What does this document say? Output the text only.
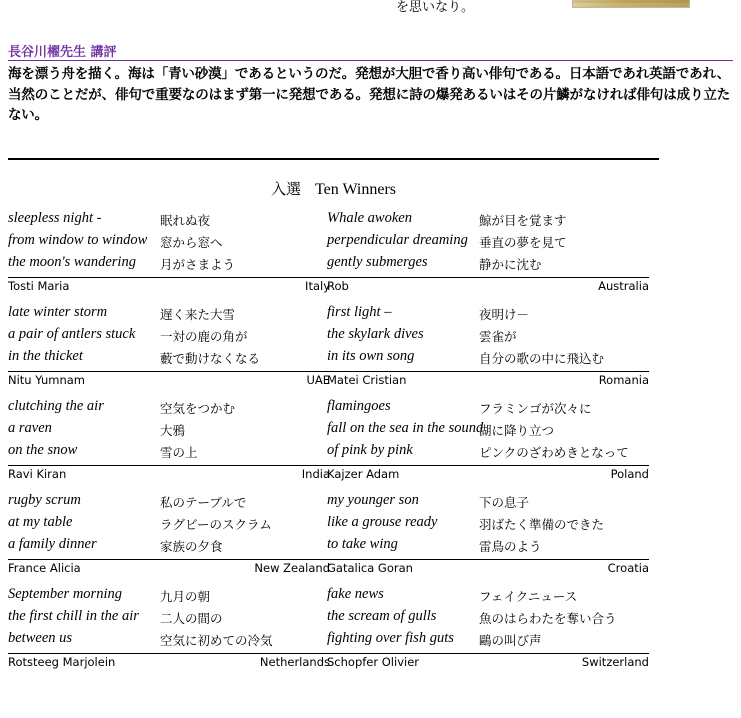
を思いなり。
長谷川櫂先生 講評
海を漂う舟を描く。海は「青い砂漠」であるというのだ。発想が大胆で香り高い俳句である。日本語であれ英語であれ、当然のことだが、俳句で重要なのはまず第一に発想である。発想に詩の爆発あるいはその片鱗がなければ俳句は成り立たない。
入選 Ten Winners
sleepless night -	眠れぬ夜
from window to window 窓から窓へ
the moon's wandering 月がさまよう
Tosti Maria	Italy
late winter storm	遅く来た大雪
a pair of antlers stuck 一対の鹿の角が
in the thicket	藪で動けなくなる
Nitu Yumnam	UAE
clutching the air	空気をつかむ
a raven	大鴉
on the snow	雪の上
Ravi Kiran	India
rugby scrum	私のテーブルで
at my table	ラグビーのスクラム
a family dinner	家族の夕食
France Alicia	New Zealand
September morning	九月の朝
the first chill in the air 二人の間の
between us	空気に初めての冷気
Rotsteeg Marjolein	Netherlands
Whale awoken	鯨が目を覚ます
perpendicular dreaming 垂直の夢を見て
gently submerges	静かに沈む
Rob	Australia
first light –	夜明け－
the skylark dives	雲雀が
in its own song	自分の歌の中に飛込む
Matei Cristian	Romania
flamingoes	フラミンゴが次々に
fall on the sea in the sound湖に降り立つ
of pink by pink	ピンクのざわめきとなって
Kajzer Adam	Poland
my younger son	下の息子
like a grouse ready	羽ばたく準備のできた
to take wing	雷鳥のよう
Gatalica Goran	Croatia
fake news	フェイクニュース
the scream of gulls	魚のはらわたを奪い合う
fighting over fish guts 鷗の叫び声
Schopfer Olivier	Switzerland
